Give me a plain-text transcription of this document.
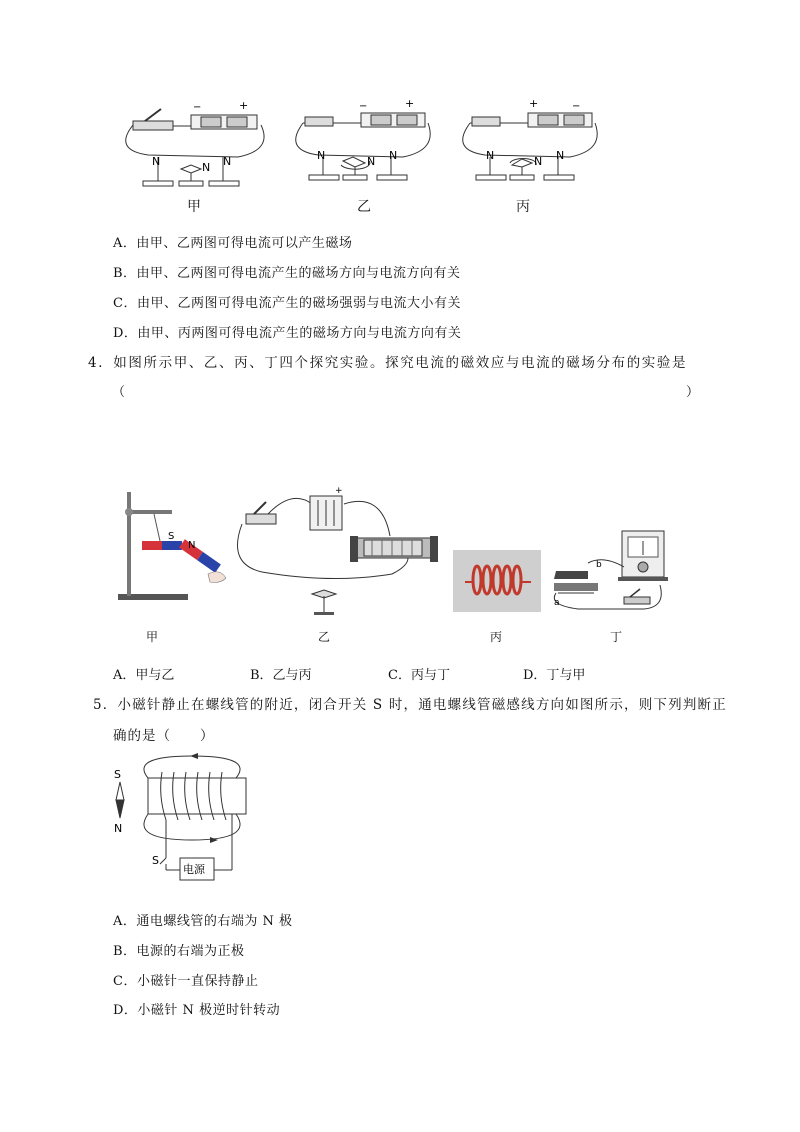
−	+
N	N N
−	+
N	N N
+	−
N	N N
甲	乙	丙
A．由甲、乙两图可得电流可以产生磁场
B．由甲、乙两图可得电流产生的磁场方向与电流方向有关
C．由甲、乙两图可得电流产生的磁场强弱与电流大小有关
D．由甲、丙两图可得电流产生的磁场方向与电流方向有关
4．如图所示甲、乙、丙、丁四个探究实验。探究电流的磁效应与电流的磁场分布的实验是
（	）
S
N
+
b
a
甲	乙	丙	丁
A．甲与乙	B．乙与丙	C．丙与丁	D．丁与甲
5．小磁针静止在螺线管的附近，闭合开关 S 时，通电螺线管磁感线方向如图所示，则下列判断正
确的是（　　）
S
N
S
电源
A．通电螺线管的右端为 N 极
B．电源的右端为正极
C．小磁针一直保持静止
D．小磁针 N 极逆时针转动
